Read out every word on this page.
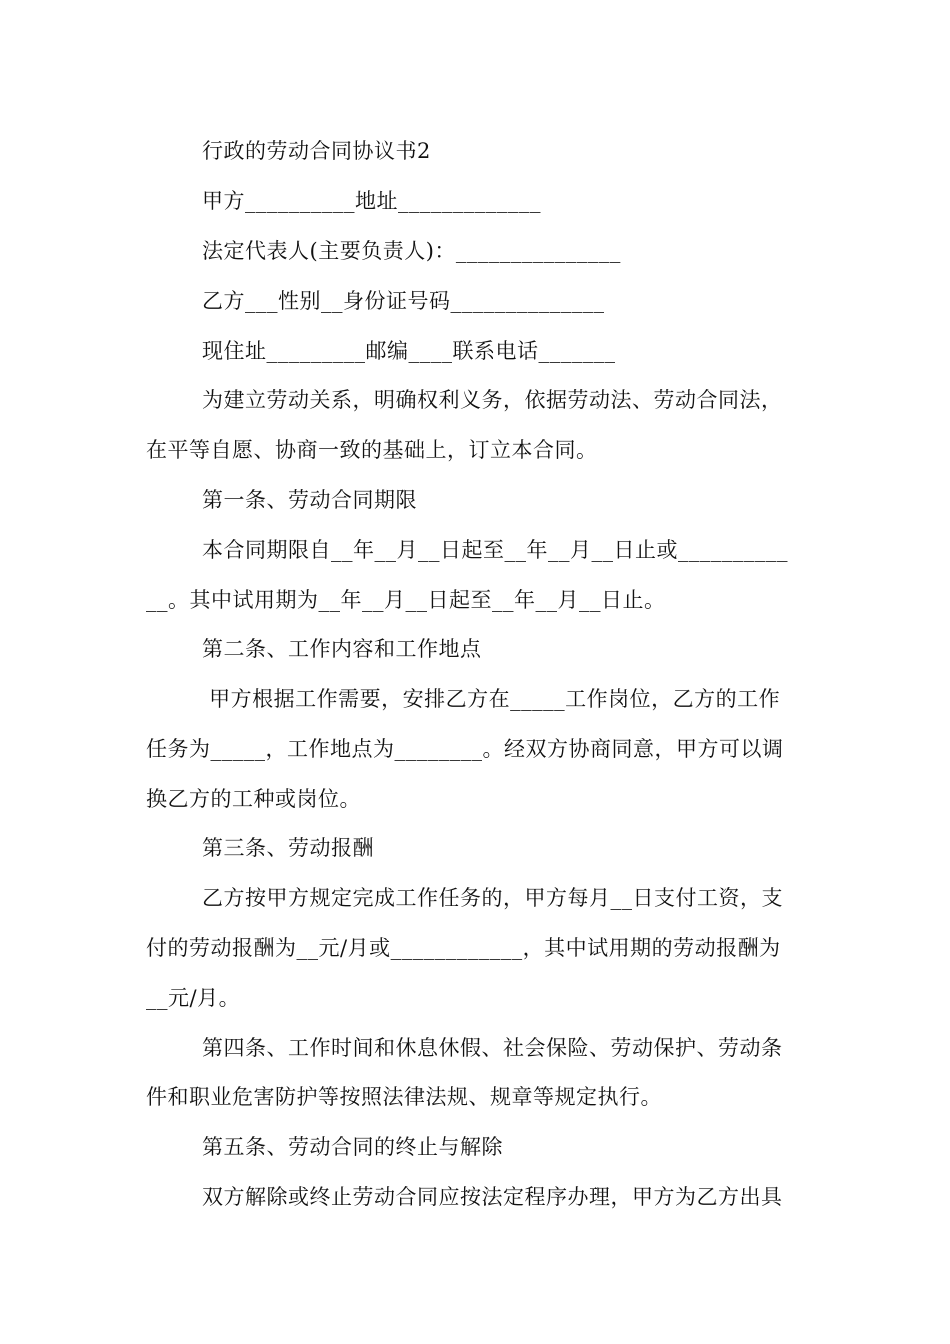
行政的劳动合同协议书2
甲方__________地址_____________
法定代表人(主要负责人)：_______________
乙方___性别__身份证号码______________
现住址_________邮编____联系电话_______
为建立劳动关系，明确权利义务，依据劳动法、劳动合同法，
在平等自愿、协商一致的基础上，订立本合同。
第一条、劳动合同期限
本合同期限自__年__月__日起至__年__月__日止或__________
__。其中试用期为__年__月__日起至__年__月__日止。
第二条、工作内容和工作地点
甲方根据工作需要，安排乙方在_____工作岗位，乙方的工作
任务为_____，工作地点为________。经双方协商同意，甲方可以调
换乙方的工种或岗位。
第三条、劳动报酬
乙方按甲方规定完成工作任务的，甲方每月__日支付工资，支
付的劳动报酬为__元/月或____________，其中试用期的劳动报酬为
__元/月。
第四条、工作时间和休息休假、社会保险、劳动保护、劳动条
件和职业危害防护等按照法律法规、规章等规定执行。
第五条、劳动合同的终止与解除
双方解除或终止劳动合同应按法定程序办理，甲方为乙方出具
